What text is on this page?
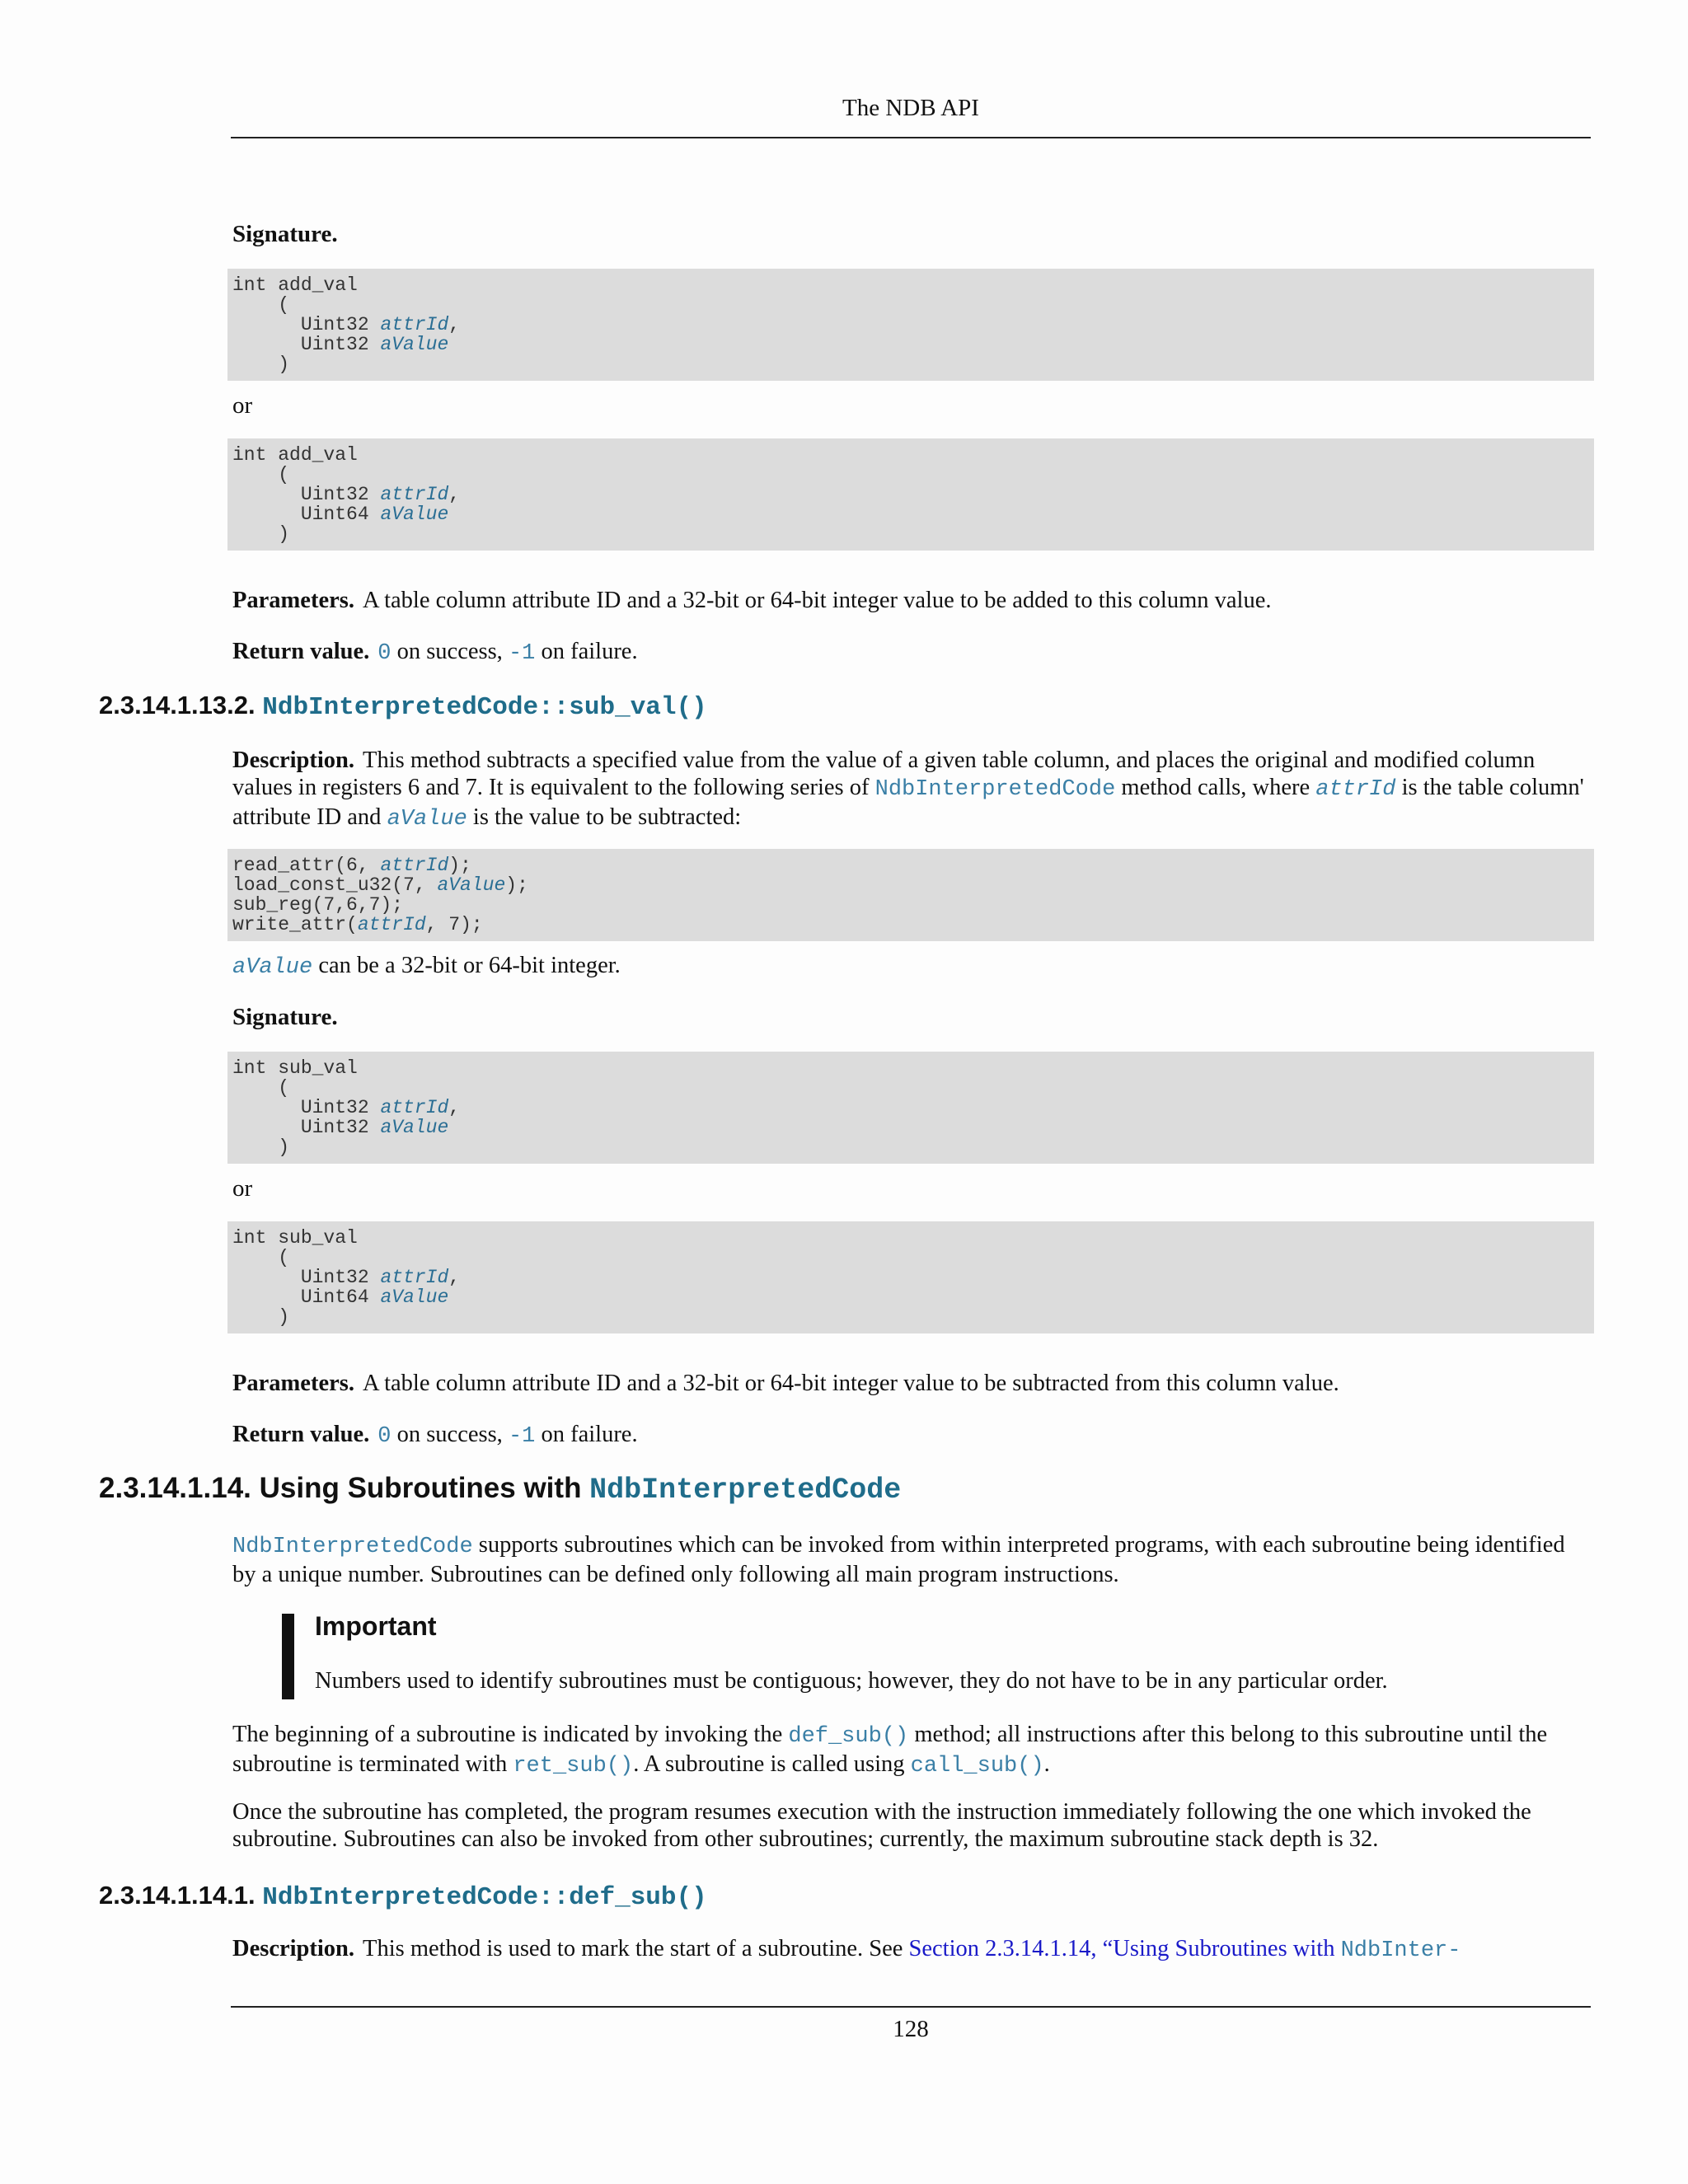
The NDB API
Signature.
int add_val
(
Uint32 attrId,
Uint32 aValue
)
or
int add_val
(
Uint32 attrId,
Uint64 aValue
)
Parameters. A table column attribute ID and a 32-bit or 64-bit integer value to be added to this column value.
Return value. 0 on success, -1 on failure.
2.3.14.1.13.2. NdbInterpretedCode::sub_val()
Description. This method subtracts a specified value from the value of a given table column, and places the original and modified column values in registers 6 and 7. It is equivalent to the following series of NdbInterpretedCode method calls, where attrId is the table column' attribute ID and aValue is the value to be subtracted:
read_attr(6, attrId);
load_const_u32(7, aValue);
sub_reg(7,6,7);
write_attr(attrId, 7);
aValue can be a 32-bit or 64-bit integer.
Signature.
int sub_val
(
Uint32 attrId,
Uint32 aValue
)
or
int sub_val
(
Uint32 attrId,
Uint64 aValue
)
Parameters. A table column attribute ID and a 32-bit or 64-bit integer value to be subtracted from this column value.
Return value. 0 on success, -1 on failure.
2.3.14.1.14. Using Subroutines with NdbInterpretedCode
NdbInterpretedCode supports subroutines which can be invoked from within interpreted programs, with each subroutine being identified by a unique number. Subroutines can be defined only following all main program instructions.
Important
Numbers used to identify subroutines must be contiguous; however, they do not have to be in any particular order.
The beginning of a subroutine is indicated by invoking the def_sub() method; all instructions after this belong to this subroutine until the subroutine is terminated with ret_sub(). A subroutine is called using call_sub().
Once the subroutine has completed, the program resumes execution with the instruction immediately following the one which invoked the subroutine. Subroutines can also be invoked from other subroutines; currently, the maximum subroutine stack depth is 32.
2.3.14.1.14.1. NdbInterpretedCode::def_sub()
Description. This method is used to mark the start of a subroutine. See Section 2.3.14.1.14, “Using Subroutines with NdbInter-
128
